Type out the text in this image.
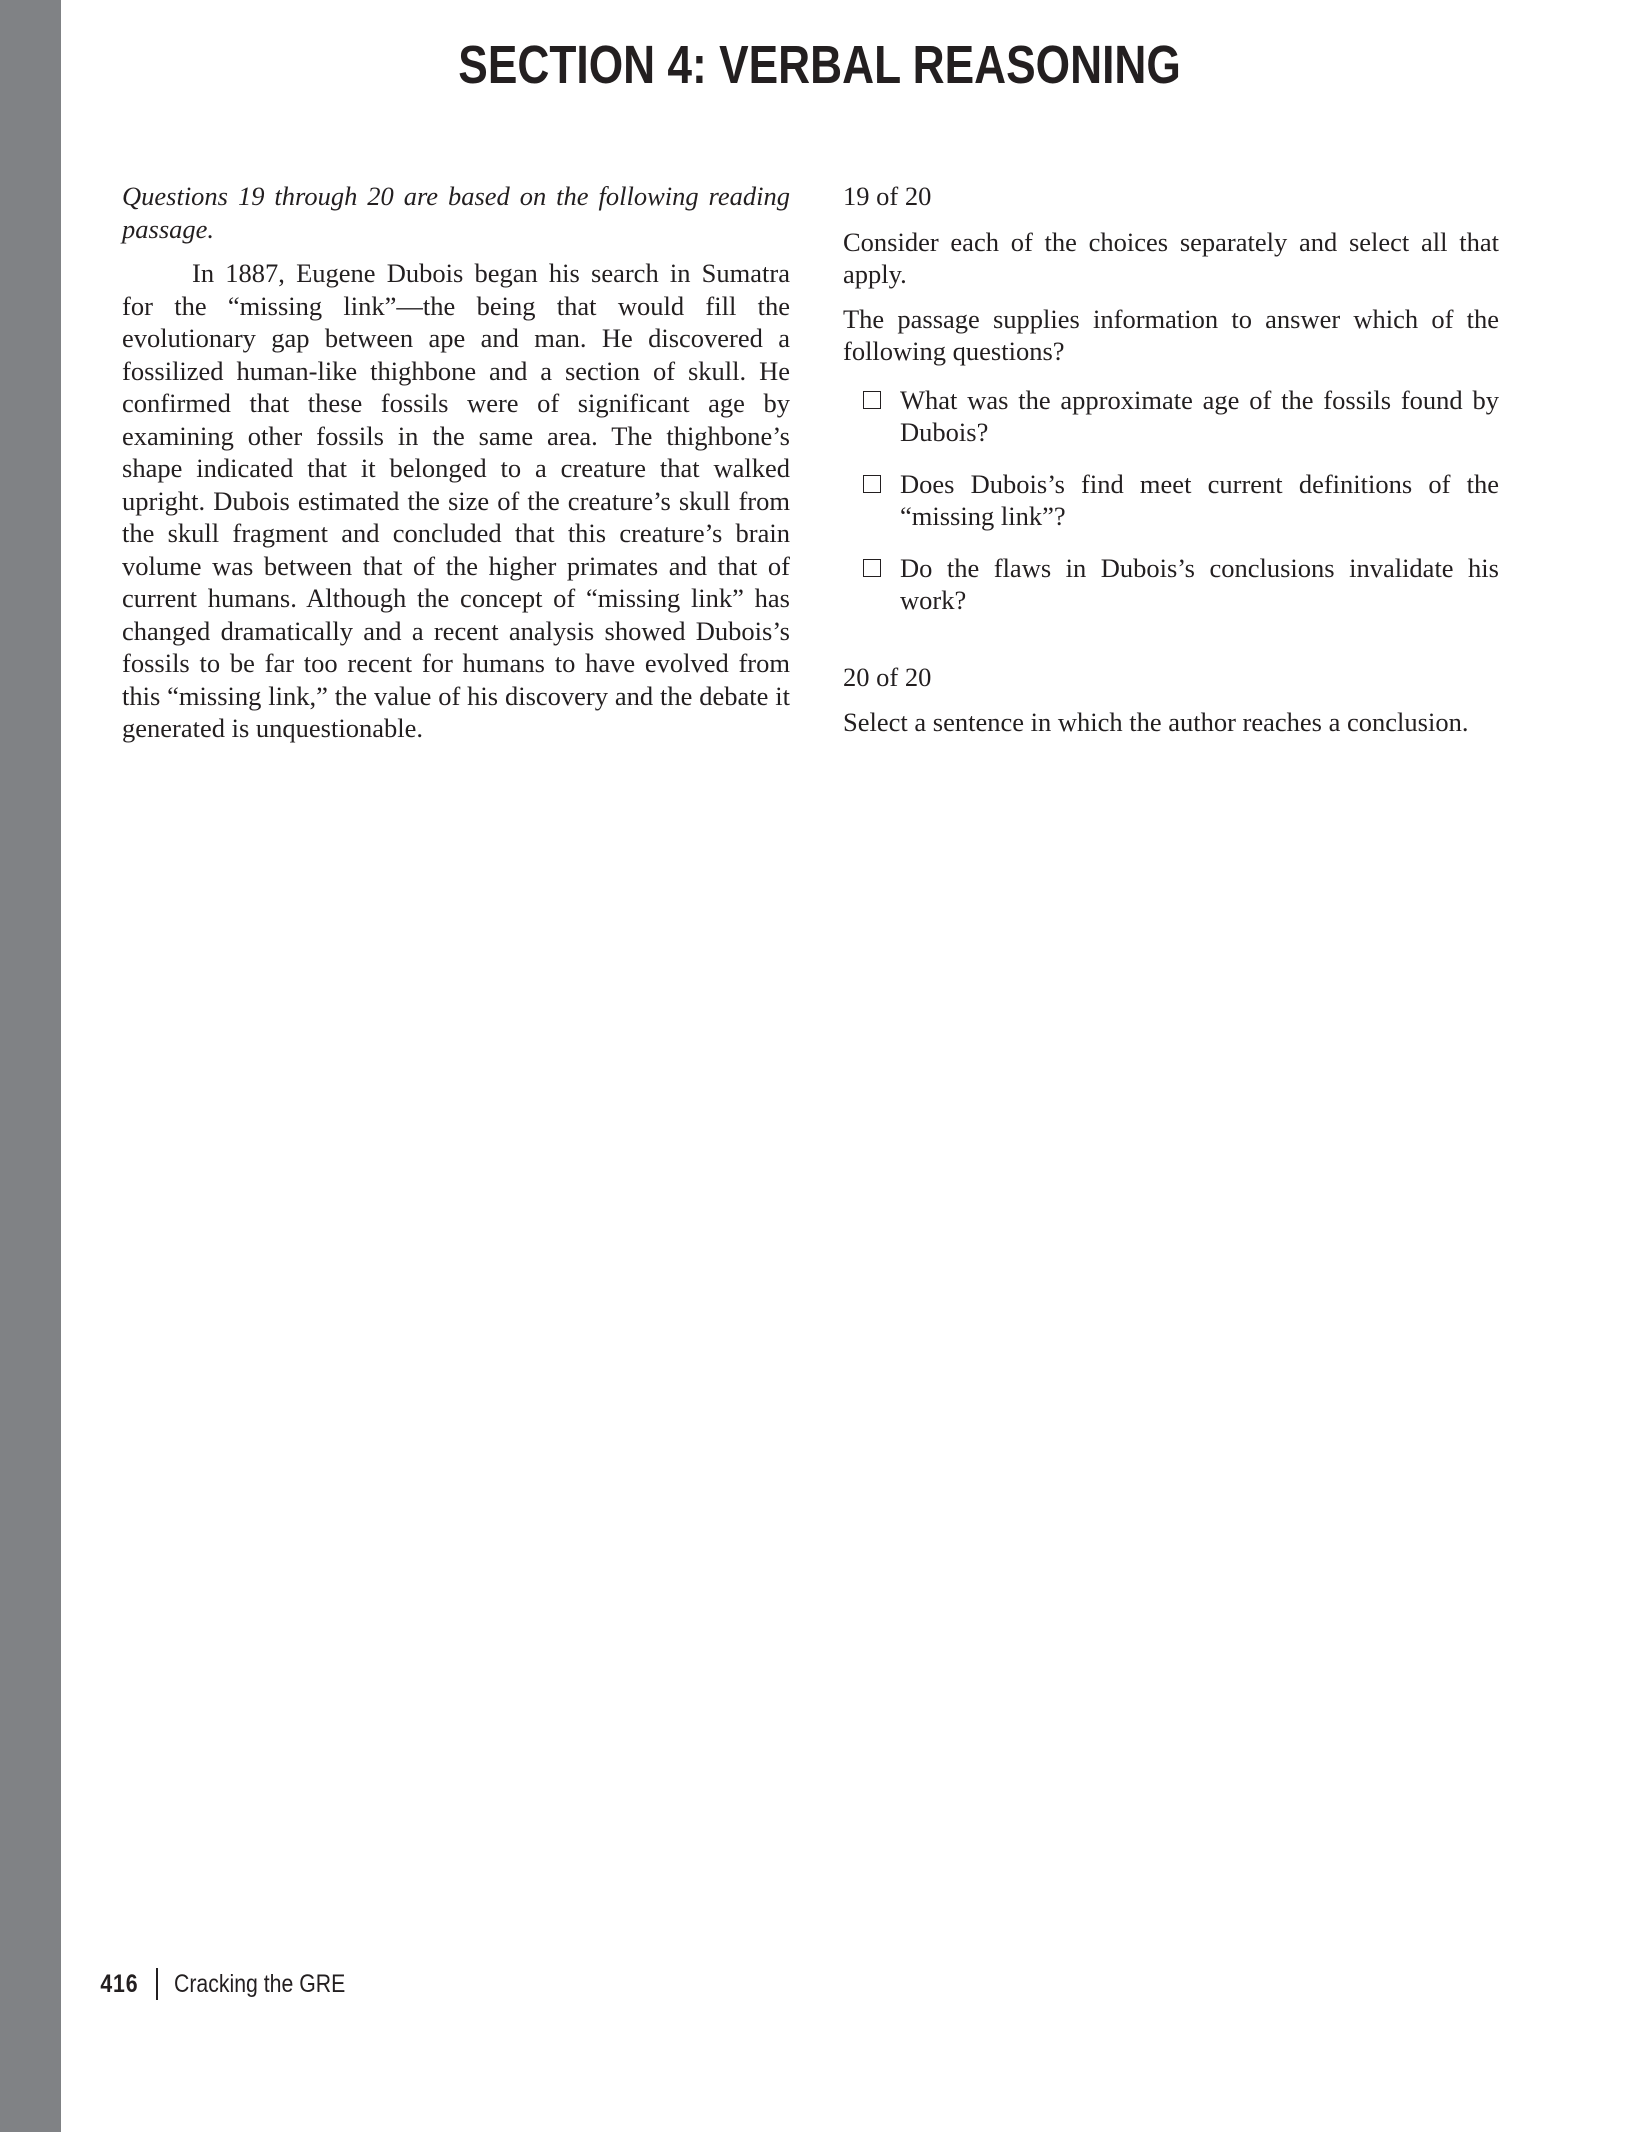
SECTION 4: VERBAL REASONING

Questions 19 through 20 are based on the following reading passage.

In 1887, Eugene Dubois began his search in Sumatra for the “missing link”—the being that would fill the evolutionary gap between ape and man. He discovered a fossilized human-like thighbone and a section of skull. He confirmed that these fossils were of significant age by examining other fossils in the same area. The thighbone’s shape indicated that it belonged to a creature that walked upright. Dubois estimated the size of the creature’s skull from the skull fragment and concluded that this creature’s brain volume was between that of the higher primates and that of current humans. Although the concept of “missing link” has changed dramatically and a recent analysis showed Dubois’s fossils to be far too recent for humans to have evolved from this “missing link,” the value of his discovery and the debate it generated is unquestionable.

19 of 20

Consider each of the choices separately and select all that apply.

The passage supplies information to answer which of the following questions?

What was the approximate age of the fossils found by Dubois?
Does Dubois’s find meet current definitions of the “missing link”?
Do the flaws in Dubois’s conclusions invalidate his work?
20 of 20

Select a sentence in which the author reaches a conclusion.

416 Cracking the GRE
